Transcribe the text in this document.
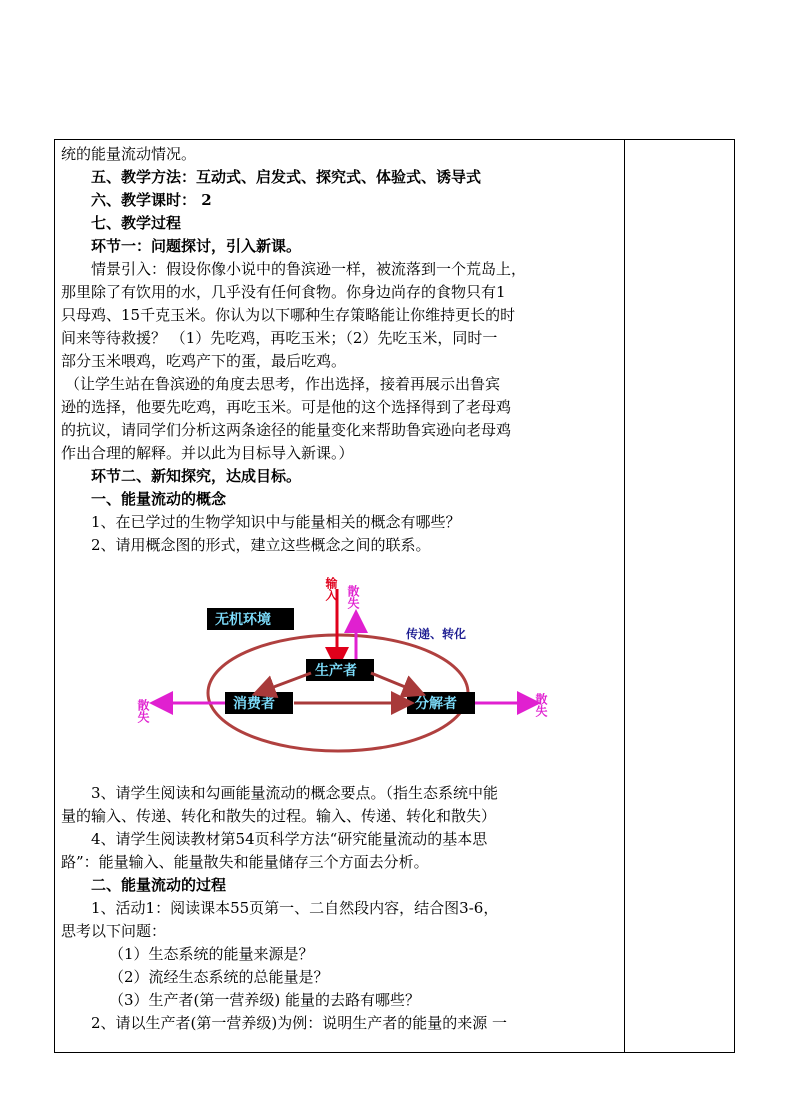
统的能量流动情况。
五、教学方法：互动式、启发式、探究式、体验式、诱导式
六、教学课时： 2
七、教学过程
环节一：问题探讨，引入新课。
情景引入：假设你像小说中的鲁滨逊一样，被流落到一个荒岛上，
那里除了有饮用的水，几乎没有任何食物。你身边尚存的食物只有1
只母鸡、15千克玉米。你认为以下哪种生存策略能让你维持更长的时
间来等待救援？ （1）先吃鸡，再吃玉米；（2）先吃玉米，同时一
部分玉米喂鸡，吃鸡产下的蛋，最后吃鸡。
（让学生站在鲁滨逊的角度去思考，作出选择，接着再展示出鲁宾
逊的选择，他要先吃鸡，再吃玉米。可是他的这个选择得到了老母鸡
的抗议，请同学们分析这两条途径的能量变化来帮助鲁宾逊向老母鸡
作出合理的解释。并以此为目标导入新课。）
环节二、新知探究，达成目标。
一、能量流动的概念
1、在已学过的生物学知识中与能量相关的概念有哪些？
2、请用概念图的形式，建立这些概念之间的联系。
输入 散失
无机环境
传递、转化
生产者
消费者	分解者
散失	散失
3、请学生阅读和勾画能量流动的概念要点。（指生态系统中能
量的输入、传递、转化和散失的过程。输入、传递、转化和散失）
4、请学生阅读教材第54页科学方法“研究能量流动的基本思
路”：能量输入、能量散失和能量储存三个方面去分析。
二、能量流动的过程
1、活动1：阅读课本55页第一、二自然段内容，结合图3-6，
思考以下问题：
（1）生态系统的能量来源是？
（2）流经生态系统的总能量是？
（3）生产者(第一营养级) 能量的去路有哪些？
2、请以生产者(第一营养级)为例：说明生产者的能量的来源 一
